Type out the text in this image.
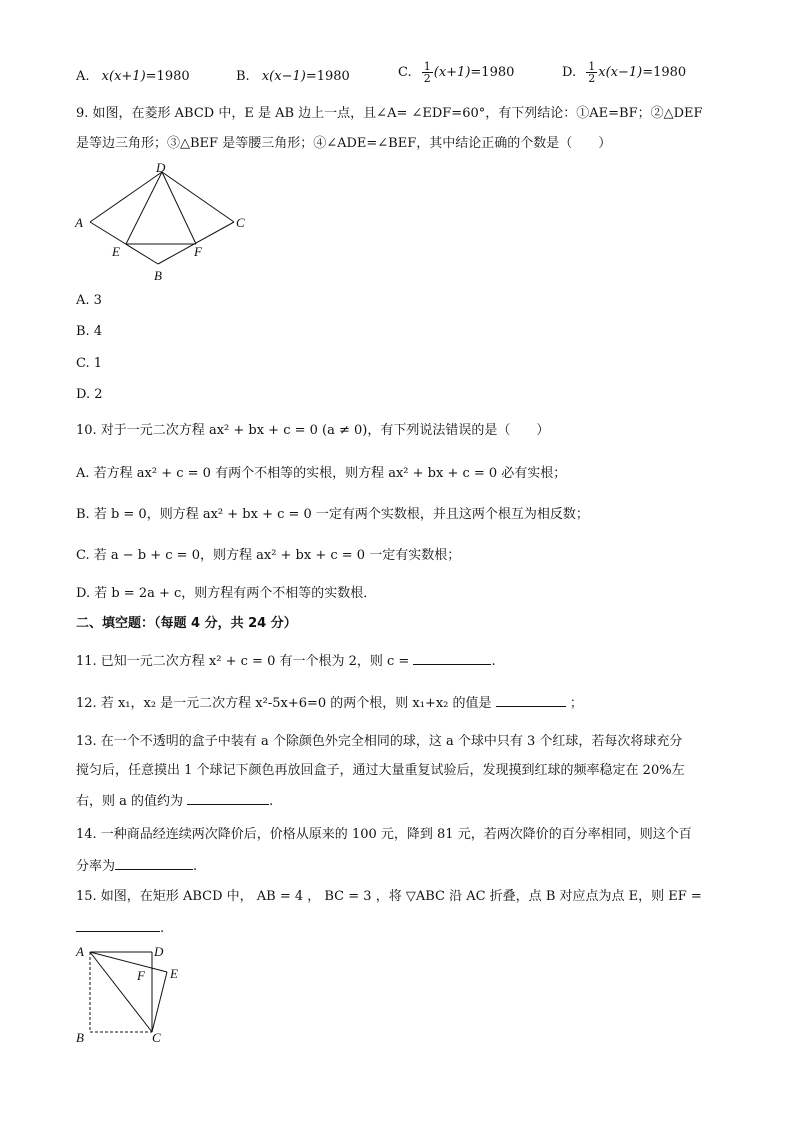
A. x(x+1)=1980	B. x(x−1)=1980	C. $\frac{1}{2} (x+1)=1980$	D. $\frac{1}{2} x(x-1)=1980$
9. 如图，在菱形 ABCD 中，E 是 AB 边上一点，且∠A= ∠EDF=60°，有下列结论：①AE=BF；②△DEF
是等边三角形；③△BEF 是等腰三角形；④∠ADE=∠BEF，其中结论正确的个数是（　　）
D
A	C
E	F
B
A. 3
B. 4
C. 1
D. 2
10. 对于一元二次方程 ax² + bx + c = 0 (a ≠ 0)，有下列说法错误的是（　　）
A. 若方程 ax² + c = 0 有两个不相等的实根，则方程 ax² + bx + c = 0 必有实根；
B. 若 b = 0，则方程 ax² + bx + c = 0 一定有两个实数根，并且这两个根互为相反数；
C. 若 a − b + c = 0，则方程 ax² + bx + c = 0 一定有实数根；
D. 若 b = 2a + c，则方程有两个不相等的实数根．
二、填空题：（每题 4 分，共 24 分）
11. 已知一元二次方程 x² + c = 0 有一个根为 2，则 c =	.
12. 若 x₁，x₂ 是一元二次方程 x²-5x+6=0 的两个根，则 x₁+x₂ 的值是	；
13. 在一个不透明的盒子中装有 a 个除颜色外完全相同的球，这 a 个球中只有 3 个红球，若每次将球充分
搅匀后，任意摸出 1 个球记下颜色再放回盒子，通过大量重复试验后，发现摸到红球的频率稳定在 20%左
右，则 a 的值约为	.
14. 一种商品经连续两次降价后，价格从原来的 100 元，降到 81 元，若两次降价的百分率相同，则这个百
分率为	.
15. 如图，在矩形 ABCD 中， AB = 4 ， BC = 3 ，将 ▽ABC 沿 AC 折叠，点 B 对应点为点 E，则 EF =
.
A	D
F E
B	C
